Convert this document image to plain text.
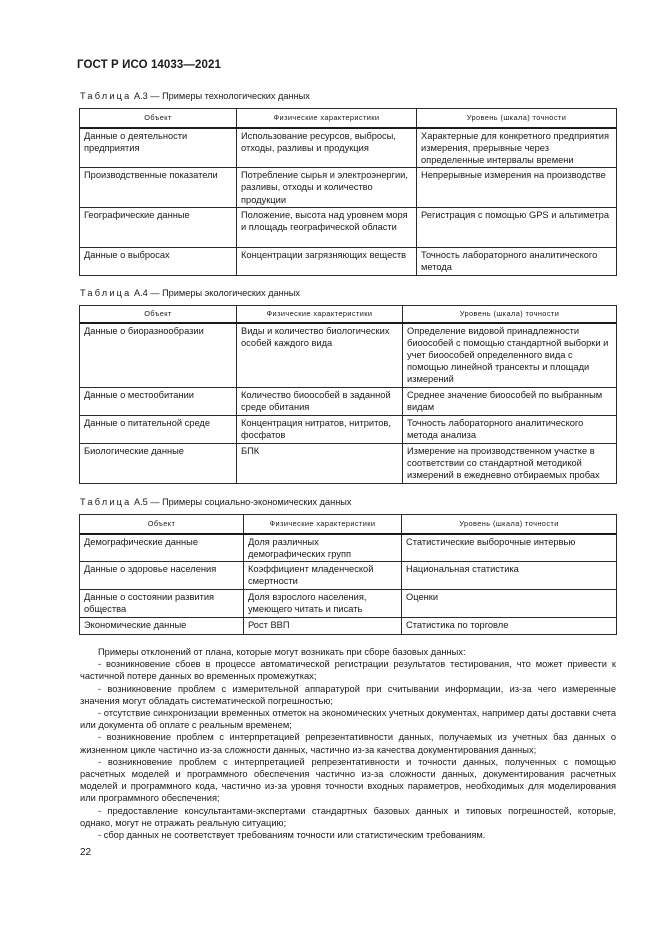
ГОСТ Р ИСО 14033—2021
Таблица А.3 — Примеры технологических данных
Объект	Физические характеристики	Уровень (шкала) точности
Данные о деятельности предприятия	Использование ресурсов, выбросы, отходы, разливы и продукция	Характерные для конкретного предприятия измерения, прерывные через определенные интервалы времени
Производственные показатели	Потребление сырья и электроэнергии, разливы, отходы и количество продукции	Непрерывные измерения на производстве
Географические данные	Положение, высота над уровнем моря и площадь географической области	Регистрация с помощью GPS и альтиметра
Данные о выбросах	Концентрации загрязняющих веществ	Точность лабораторного аналитического метода
Таблица А.4 — Примеры экологических данных
Объект	Физические характеристики	Уровень (шкала) точности
Данные о биоразнообразии	Виды и количество биологических особей каждого вида	Определение видовой принадлежности биоособей с помощью стандартной выборки и учет биоособей определенного вида с помощью линейной трансекты и площади измерений
Данные о местообитании	Количество биоособей в заданной среде обитания	Среднее значение биоособей по выбранным видам
Данные о питательной среде	Концентрация нитратов, нитритов, фосфатов	Точность лабораторного аналитического метода анализа
Биологические данные	БПК	Измерение на производственном участке в соответствии со стандартной методикой измерений в ежедневно отбираемых пробах
Таблица А.5 — Примеры социально-экономических данных
Объект	Физические характеристики	Уровень (шкала) точности
Демографические данные	Доля различных демографических групп	Статистические выборочные интервью
Данные о здоровье населения	Коэффициент младенческой смертности	Национальная статистика
Данные о состоянии развития общества	Доля взрослого населения, умеющего читать и писать	Оценки
Экономические данные	Рост ВВП	Статистика по торговле

Примеры отклонений от плана, которые могут возникать при сборе базовых данных:

- возникновение сбоев в процессе автоматической регистрации результатов тестирования, что может привести к частичной потере данных во временных промежутках;

- возникновение проблем с измерительной аппаратурой при считывании информации, из-за чего измеренные значения могут обладать систематической погрешностью;

- отсутствие синхронизации временных отметок на экономических учетных документах, например даты доставки счета или документа об оплате с реальным временем;

- возникновение проблем с интерпретацией репрезентативности данных, получаемых из учетных баз данных о жизненном цикле частично из-за сложности данных, частично из-за качества документирования данных;

- возникновение проблем с интерпретацией репрезентативности и точности данных, полученных с помощью расчетных моделей и программного обеспечения частично из-за сложности данных, документирования расчетных моделей и программного кода, частично из-за уровня точности входных параметров, необходимых для моделирования или программного обеспечения;

- предоставление консультантами-экспертами стандартных базовых данных и типовых погрешностей, которые, однако, могут не отражать реальную ситуацию;

- сбор данных не соответствует требованиям точности или статистическим требованиям.

22
